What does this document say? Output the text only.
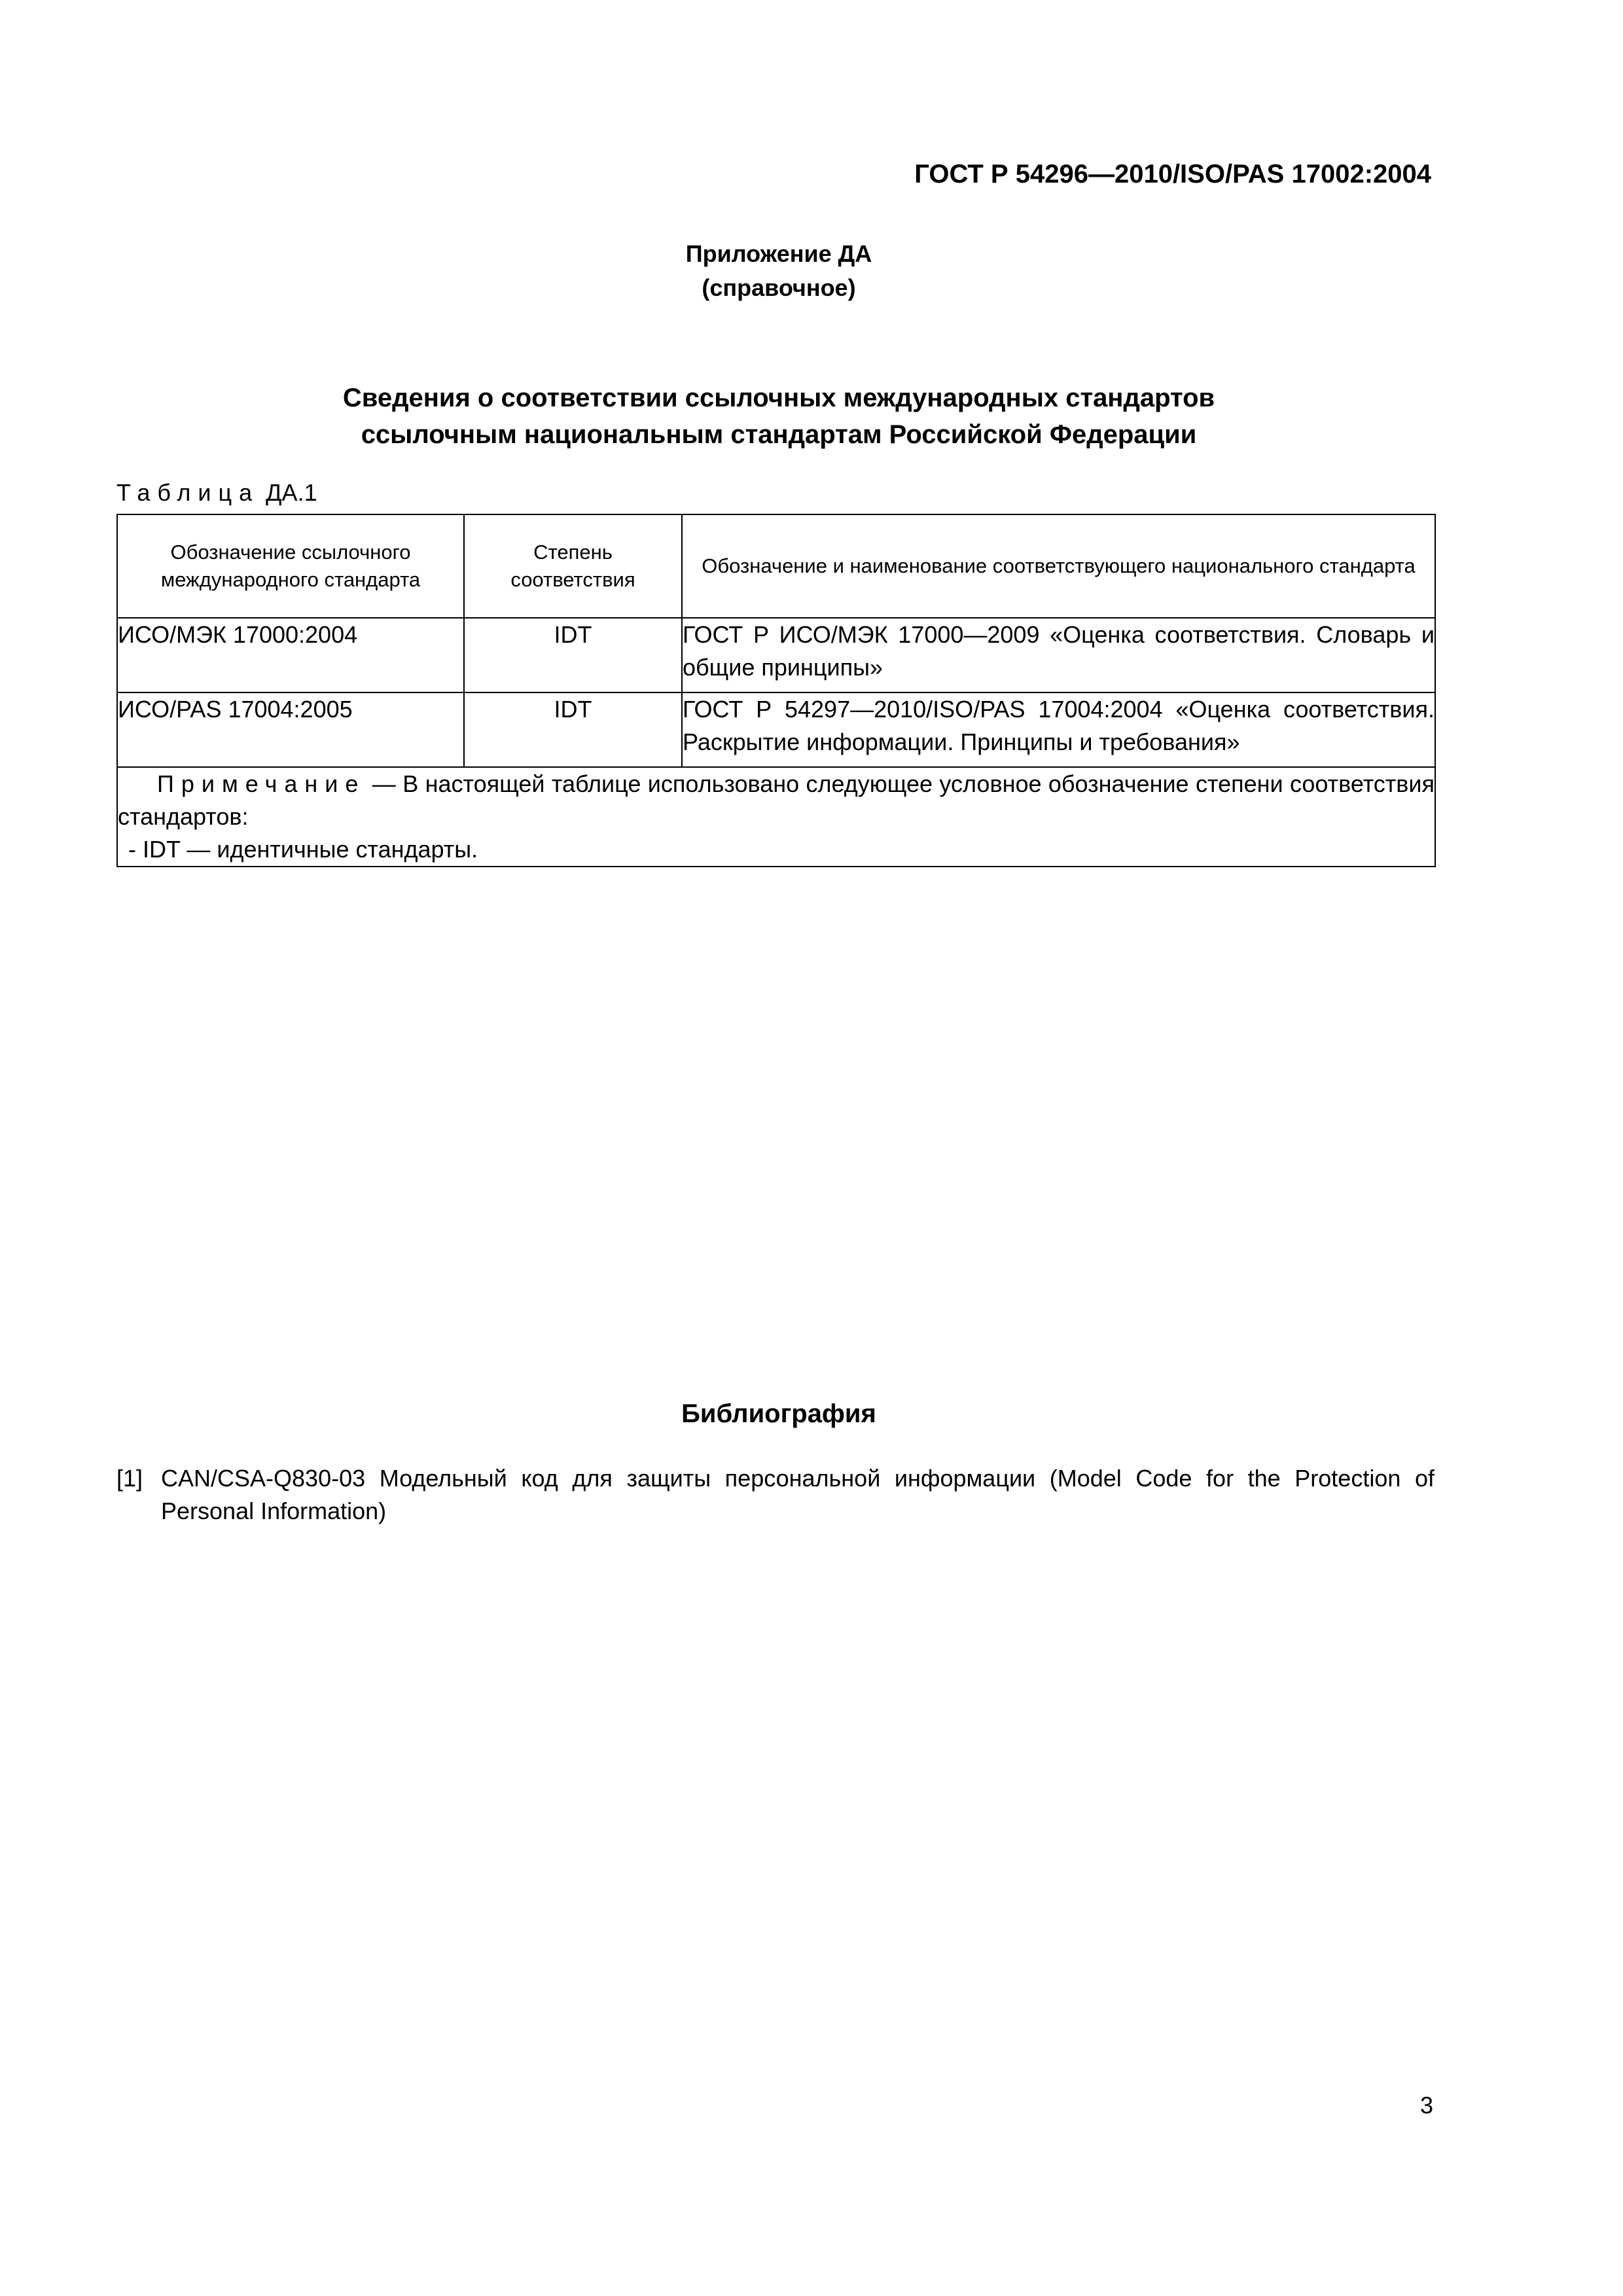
ГОСТ Р 54296—2010/ISO/PAS 17002:2004
Приложение ДА
(справочное)
Сведения о соответствии ссылочных международных стандартов
ссылочным национальным стандартам Российской Федерации
Таблица ДА.1
Обозначение ссылочного международного стандарта	Степень соответствия	Обозначение и наименование соответствующего национального стандарта
ИСО/МЭК 17000:2004	IDT	ГОСТ Р ИСО/МЭК 17000—2009 «Оценка соответствия. Словарь и общие принципы»
ИСО/PAS 17004:2005	IDT	ГОСТ Р 54297—2010/ISO/PAS 17004:2004 «Оценка соответствия. Раскрытие информации. Принципы и требования»

Примечание — В настоящей таблице использовано следующее условное обозначение степени соответствия стандартов:
- IDT — идентичные стандарты.		
Библиография
[1] CAN/CSA-Q830-03 Модельный код для защиты персональной информации (Model Code for the Protection of Personal Information)
3
